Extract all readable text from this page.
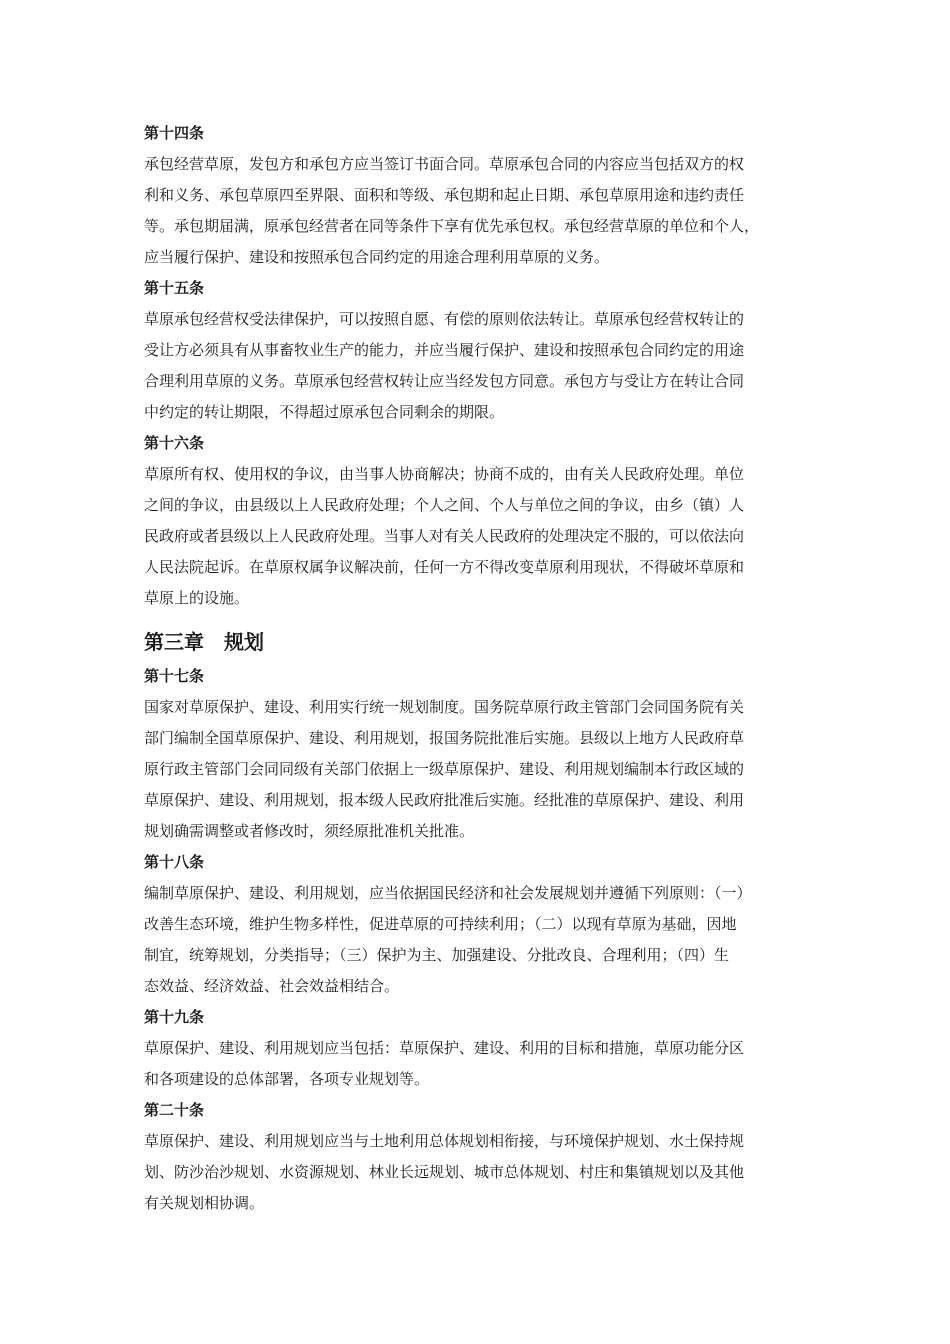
第十四条

承包经营草原，发包方和承包方应当签订书面合同。草原承包合同的内容应当包括双方的权
利和义务、承包草原四至界限、面积和等级、承包期和起止日期、承包草原用途和违约责任
等。承包期届满，原承包经营者在同等条件下享有优先承包权。承包经营草原的单位和个人，
应当履行保护、建设和按照承包合同约定的用途合理利用草原的义务。

第十五条

草原承包经营权受法律保护，可以按照自愿、有偿的原则依法转让。草原承包经营权转让的
受让方必须具有从事畜牧业生产的能力，并应当履行保护、建设和按照承包合同约定的用途
合理利用草原的义务。草原承包经营权转让应当经发包方同意。承包方与受让方在转让合同
中约定的转让期限，不得超过原承包合同剩余的期限。

第十六条

草原所有权、使用权的争议，由当事人协商解决；协商不成的，由有关人民政府处理。单位
之间的争议，由县级以上人民政府处理；个人之间、个人与单位之间的争议，由乡（镇）人
民政府或者县级以上人民政府处理。当事人对有关人民政府的处理决定不服的，可以依法向
人民法院起诉。在草原权属争议解决前，任何一方不得改变草原利用现状，不得破坏草原和
草原上的设施。

第三章　规划
第十七条

国家对草原保护、建设、利用实行统一规划制度。国务院草原行政主管部门会同国务院有关
部门编制全国草原保护、建设、利用规划，报国务院批准后实施。县级以上地方人民政府草
原行政主管部门会同同级有关部门依据上一级草原保护、建设、利用规划编制本行政区域的
草原保护、建设、利用规划，报本级人民政府批准后实施。经批准的草原保护、建设、利用
规划确需调整或者修改时，须经原批准机关批准。

第十八条

编制草原保护、建设、利用规划，应当依据国民经济和社会发展规划并遵循下列原则：（一）
改善生态环境，维护生物多样性，促进草原的可持续利用；（二）以现有草原为基础，因地
制宜，统筹规划，分类指导；（三）保护为主、加强建设、分批改良、合理利用；（四）生
态效益、经济效益、社会效益相结合。

第十九条

草原保护、建设、利用规划应当包括：草原保护、建设、利用的目标和措施，草原功能分区
和各项建设的总体部署，各项专业规划等。

第二十条

草原保护、建设、利用规划应当与土地利用总体规划相衔接，与环境保护规划、水土保持规
划、防沙治沙规划、水资源规划、林业长远规划、城市总体规划、村庄和集镇规划以及其他
有关规划相协调。
